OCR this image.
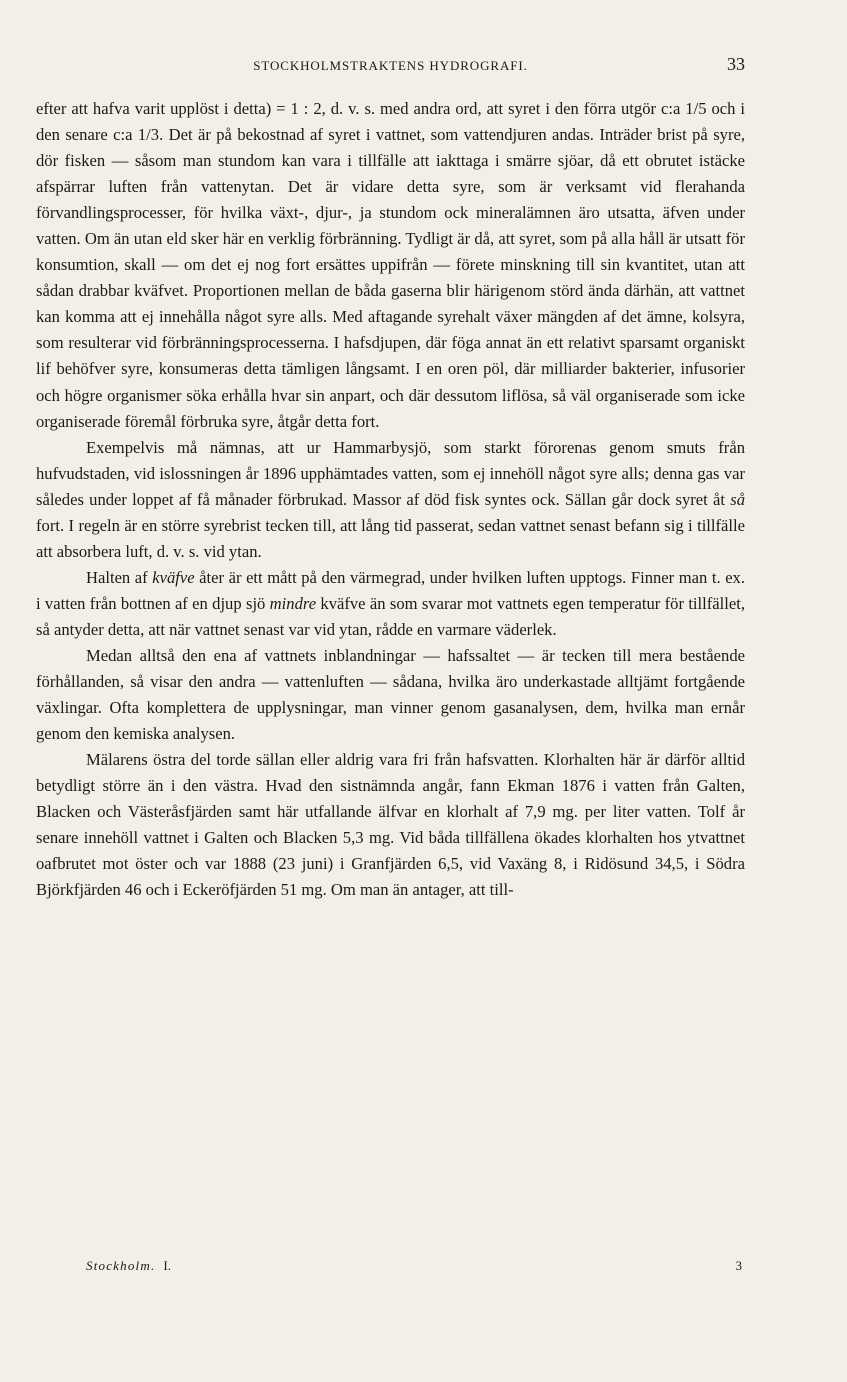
STOCKHOLMSTRAKTENS HYDROGRAFI.	33

efter att hafva varit upplöst i detta) = 1 : 2, d. v. s. med andra ord, att syret i den förra utgör c:a 1/5 och i den senare c:a 1/3. Det är på bekostnad af syret i vattnet, som vattendjuren andas. Inträder brist på syre, dör fisken — såsom man stundom kan vara i tillfälle att iakttaga i smärre sjöar, då ett obrutet istäcke afspärrar luften från vattenytan. Det är vidare detta syre, som är verksamt vid flerahanda förvandlingsprocesser, för hvilka växt-, djur-, ja stundom ock mineralämnen äro utsatta, äfven under vatten. Om än utan eld sker här en verklig förbränning. Tydligt är då, att syret, som på alla håll är utsatt för konsumtion, skall — om det ej nog fort ersättes uppifrån — förete minskning till sin kvantitet, utan att sådan drabbar kväfvet. Proportionen mellan de båda gaserna blir härigenom störd ända därhän, att vattnet kan komma att ej innehålla något syre alls. Med aftagande syrehalt växer mängden af det ämne, kolsyra, som resulterar vid förbränningsprocesserna. I hafsdjupen, där föga annat än ett relativt sparsamt organiskt lif behöfver syre, konsumeras detta tämligen långsamt. I en oren pöl, där milliarder bakterier, infusorier och högre organismer söka erhålla hvar sin anpart, och där dessutom liflösa, så väl organiserade som icke organiserade föremål förbruka syre, åtgår detta fort.

Exempelvis må nämnas, att ur Hammarbysjö, som starkt förorenas genom smuts från hufvudstaden, vid islossningen år 1896 upphämtades vatten, som ej innehöll något syre alls; denna gas var således under loppet af få månader förbrukad. Massor af död fisk syntes ock. Sällan går dock syret åt så fort. I regeln är en större syrebrist tecken till, att lång tid passerat, sedan vattnet senast befann sig i tillfälle att absorbera luft, d. v. s. vid ytan.

Halten af kväfve åter är ett mått på den värmegrad, under hvilken luften upptogs. Finner man t. ex. i vatten från bottnen af en djup sjö mindre kväfve än som svarar mot vattnets egen temperatur för tillfället, så antyder detta, att när vattnet senast var vid ytan, rådde en varmare väderlek.

Medan alltså den ena af vattnets inblandningar — hafssaltet — är tecken till mera bestående förhållanden, så visar den andra — vattenluften — sådana, hvilka äro underkastade alltjämt fortgående växlingar. Ofta komplettera de upplysningar, man vinner genom gasanalysen, dem, hvilka man ernår genom den kemiska analysen.

Mälarens östra del torde sällan eller aldrig vara fri från hafsvatten. Klorhalten här är därför alltid betydligt större än i den västra. Hvad den sistnämnda angår, fann Ekman 1876 i vatten från Galten, Blacken och Västeråsfjärden samt här utfallande älfvar en klorhalt af 7,9 mg. per liter vatten. Tolf år senare innehöll vattnet i Galten och Blacken 5,3 mg. Vid båda tillfällena ökades klorhalten hos ytvattnet oafbrutet mot öster och var 1888 (23 juni) i Granfjärden 6,5, vid Vaxäng 8, i Ridösund 34,5, i Södra Björkfjärden 46 och i Eckeröfjärden 51 mg. Om man än antager, att till-

Stockholm. I.	3
